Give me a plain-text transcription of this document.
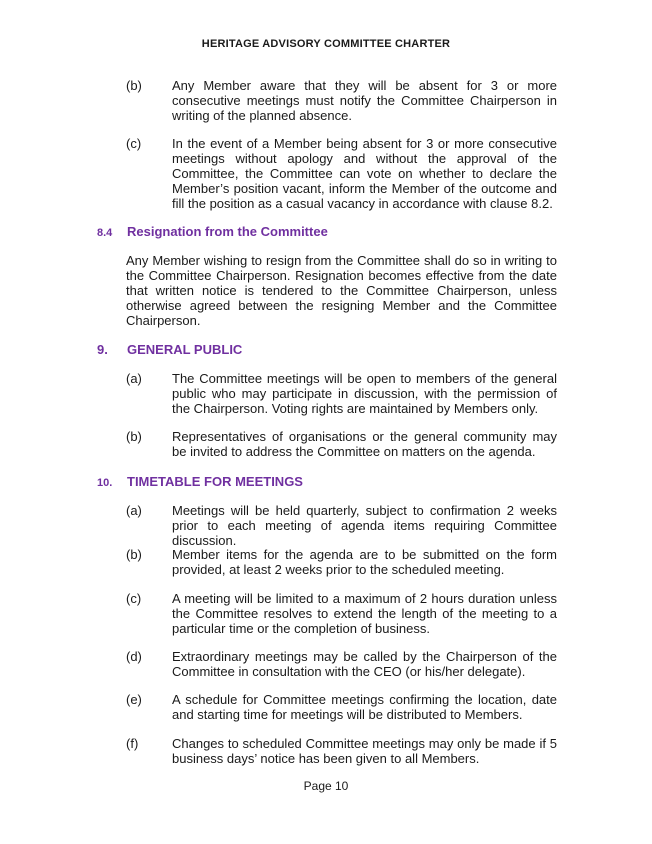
HERITAGE ADVISORY COMMITTEE CHARTER
(b)	Any Member aware that they will be absent for 3 or more consecutive meetings must notify the Committee Chairperson in writing of the planned absence.
(c)	In the event of a Member being absent for 3 or more consecutive meetings without apology and without the approval of the Committee, the Committee can vote on whether to declare the Member’s position vacant, inform the Member of the outcome and fill the position as a casual vacancy in accordance with clause 8.2.
8.4 Resignation from the Committee
Any Member wishing to resign from the Committee shall do so in writing to the Committee Chairperson. Resignation becomes effective from the date that written notice is tendered to the Committee Chairperson, unless otherwise agreed between the resigning Member and the Committee Chairperson.
9. GENERAL PUBLIC
(a)	The Committee meetings will be open to members of the general public who may participate in discussion, with the permission of the Chairperson. Voting rights are maintained by Members only.
(b)	Representatives of organisations or the general community may be invited to address the Committee on matters on the agenda.
10. TIMETABLE FOR MEETINGS
(a)	Meetings will be held quarterly, subject to confirmation 2 weeks prior to each meeting of agenda items requiring Committee discussion.
(b)	Member items for the agenda are to be submitted on the form provided, at least 2 weeks prior to the scheduled meeting.
(c)	A meeting will be limited to a maximum of 2 hours duration unless the Committee resolves to extend the length of the meeting to a particular time or the completion of business.
(d)	Extraordinary meetings may be called by the Chairperson of the Committee in consultation with the CEO (or his/her delegate).
(e)	A schedule for Committee meetings confirming the location, date and starting time for meetings will be distributed to Members.
(f)	Changes to scheduled Committee meetings may only be made if 5 business days’ notice has been given to all Members.
Page 10
